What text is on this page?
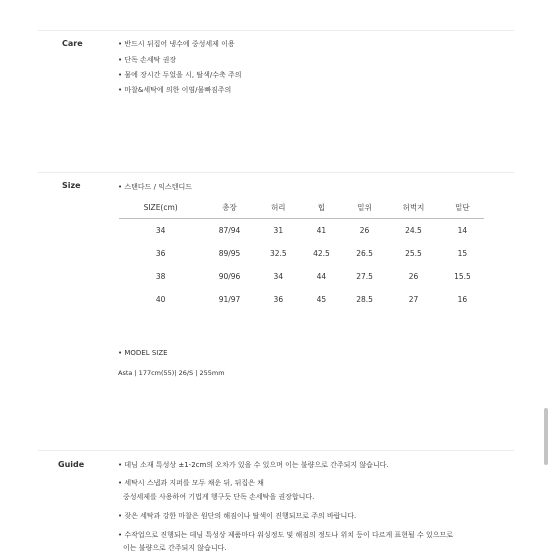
Care	• 반드시 뒤집어 냉수에 중성세제 이용
• 단독 손세탁 권장
• 물에 장시간 두었을 시, 탈색/수축 주의
• 마찰&세탁에 의한 이염/물빠짐주의
Size	• 스탠다드 / 익스텐디드
SIZE(cm)	총장	허리	힙	밑위	허벅지	밑단
34	87/94	31	41	26	24.5	14
36	89/95	32.5	42.5	26.5	25.5	15
38	90/96	34	44	27.5	26	15.5
40	91/97	36	45	28.5	27	16
• MODEL SIZE
Asta | 177cm(55)| 26/S | 255mm
Guide	• 데님 소재 특성상 ±1-2cm의 오차가 있을 수 있으며 이는 불량으로 간주되지 않습니다.
• 세탁시 스냅과 지퍼를 모두 채운 뒤, 뒤집은 채
중성세제를 사용하여 기법게 헹구듯 단독 손세탁을 권장합니다.
• 잦은 세탁과 강한 마찰은 원단의 해짐이나 탈색이 진행되므로 주의 바랍니다.
• 수작업으로 진행되는 데님 특성상 제품마다 워싱정도 및 해짐의 정도나 위치 등이 다르게 표현될 수 있으므로
이는 불량으로 간주되지 않습니다.
